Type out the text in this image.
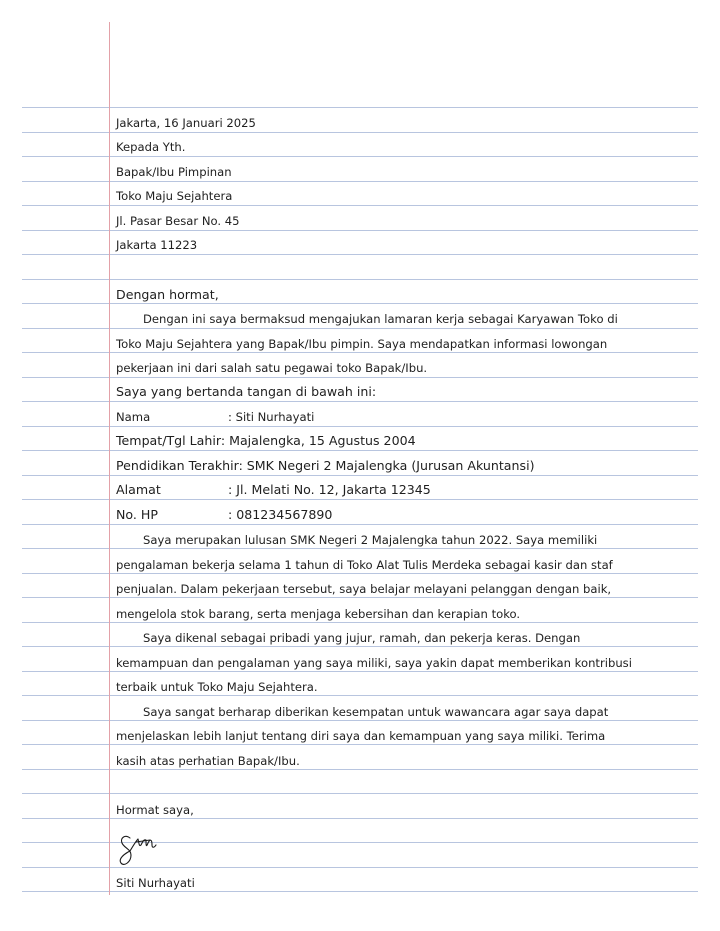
Jakarta, 16 Januari 2025
Kepada Yth.
Bapak/Ibu Pimpinan
Toko Maju Sejahtera
Jl. Pasar Besar No. 45
Jakarta 11223
Dengan hormat,
Dengan ini saya bermaksud mengajukan lamaran kerja sebagai Karyawan Toko di
Toko Maju Sejahtera yang Bapak/Ibu pimpin. Saya mendapatkan informasi lowongan
pekerjaan ini dari salah satu pegawai toko Bapak/Ibu.
Saya yang bertanda tangan di bawah ini:
Nama	: Siti Nurhayati
Tempat/Tgl Lahir: Majalengka, 15 Agustus 2004
Pendidikan Terakhir: SMK Negeri 2 Majalengka (Jurusan Akuntansi)
Alamat	: Jl. Melati No. 12, Jakarta 12345
No. HP	: 081234567890
Saya merupakan lulusan SMK Negeri 2 Majalengka tahun 2022. Saya memiliki
pengalaman bekerja selama 1 tahun di Toko Alat Tulis Merdeka sebagai kasir dan staf
penjualan. Dalam pekerjaan tersebut, saya belajar melayani pelanggan dengan baik,
mengelola stok barang, serta menjaga kebersihan dan kerapian toko.
Saya dikenal sebagai pribadi yang jujur, ramah, dan pekerja keras. Dengan
kemampuan dan pengalaman yang saya miliki, saya yakin dapat memberikan kontribusi
terbaik untuk Toko Maju Sejahtera.
Saya sangat berharap diberikan kesempatan untuk wawancara agar saya dapat
menjelaskan lebih lanjut tentang diri saya dan kemampuan yang saya miliki. Terima
kasih atas perhatian Bapak/Ibu.
Hormat saya,
Siti Nurhayati
